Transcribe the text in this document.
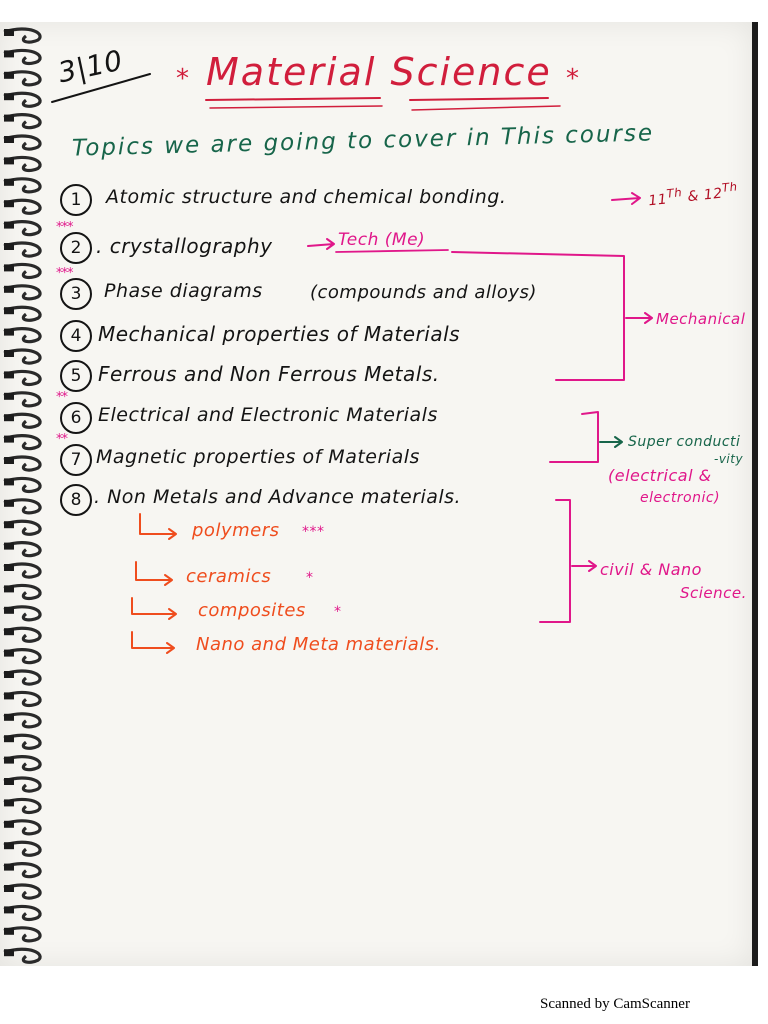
3|10 * Material Science *
Topics we are going to cover in This course
1	Atomic structure and chemical bonding.
2
***
. crystallography
3
***
Phase diagrams	(compounds and alloys)
4 Mechanical properties of Materials
5 Ferrous and Non Ferrous Metals.
6
**
Electrical and Electronic Materials
7
**
Magnetic properties of Materials
8 . Non Metals and Advance materials.
11Th & 12Th
Tech (Me)
Mechanical
Super conducti
-vity
(electrical &
electronic)
civil & Nano
Science.
polymers ***
ceramics *
composites *
Nano and Meta materials.
Scanned by CamScanner
